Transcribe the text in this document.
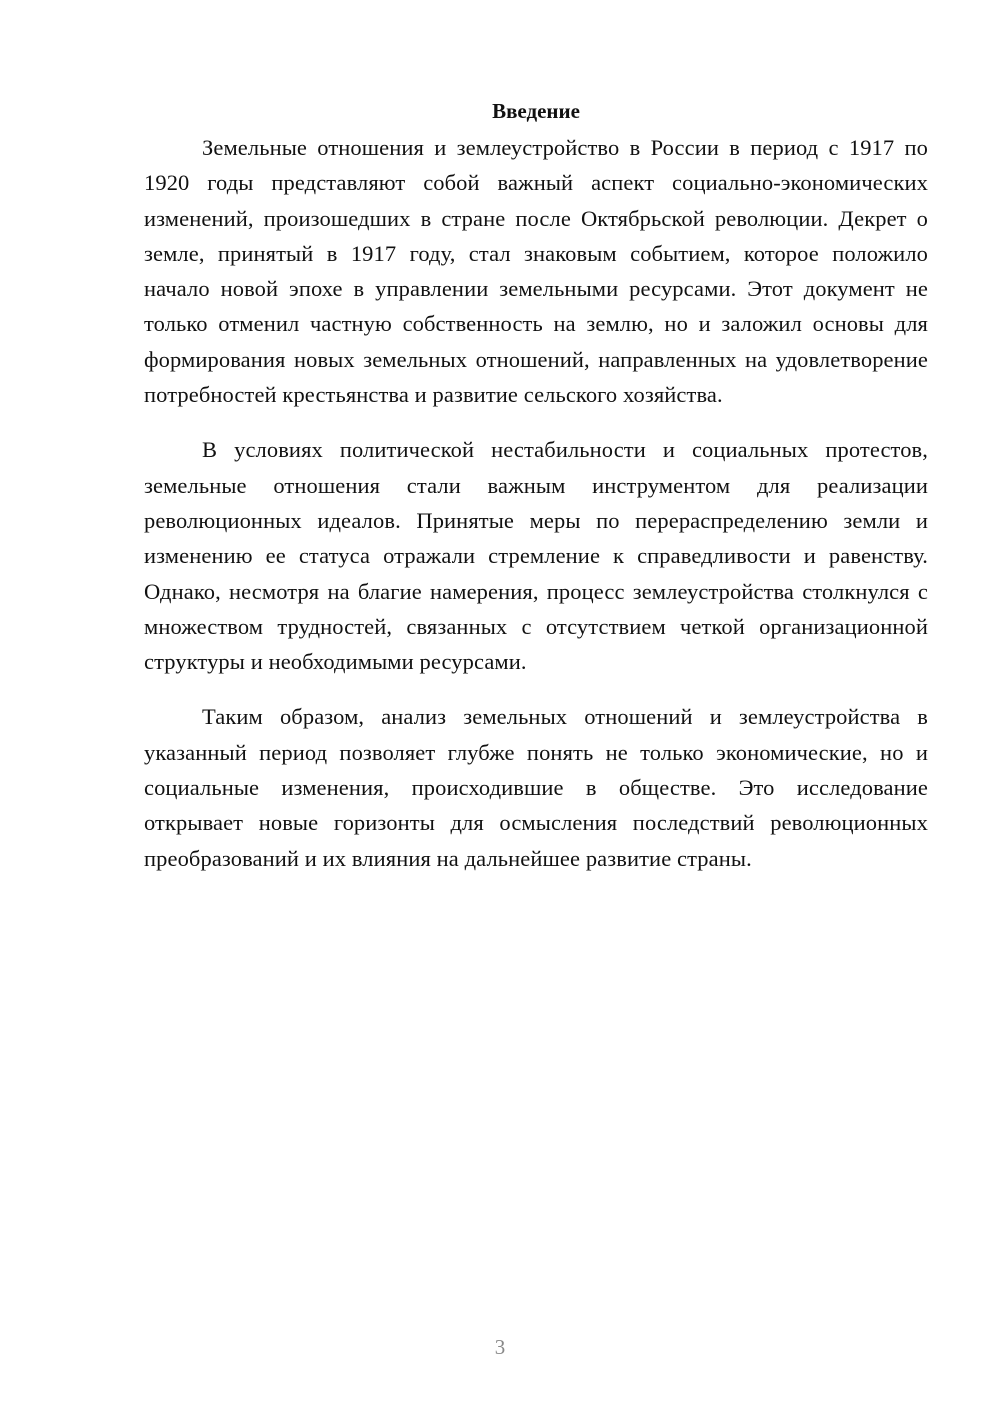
Введение

Земельные отношения и землеустройство в России в период с 1917 по 1920 годы представляют собой важный аспект социально-экономических изменений, произошедших в стране после Октябрьской революции. Декрет о земле, принятый в 1917 году, стал знаковым событием, которое положило начало новой эпохе в управлении земельными ресурсами. Этот документ не только отменил частную собственность на землю, но и заложил основы для формирования новых земельных отношений, направленных на удовлетворение потребностей крестьянства и развитие сельского хозяйства.

В условиях политической нестабильности и социальных протестов, земельные отношения стали важным инструментом для реализации революционных идеалов. Принятые меры по перераспределению земли и изменению ее статуса отражали стремление к справедливости и равенству. Однако, несмотря на благие намерения, процесс землеустройства столкнулся с множеством трудностей, связанных с отсутствием четкой организационной структуры и необходимыми ресурсами.

Таким образом, анализ земельных отношений и землеустройства в указанный период позволяет глубже понять не только экономические, но и социальные изменения, происходившие в обществе. Это исследование открывает новые горизонты для осмысления последствий революционных преобразований и их влияния на дальнейшее развитие страны.

3
